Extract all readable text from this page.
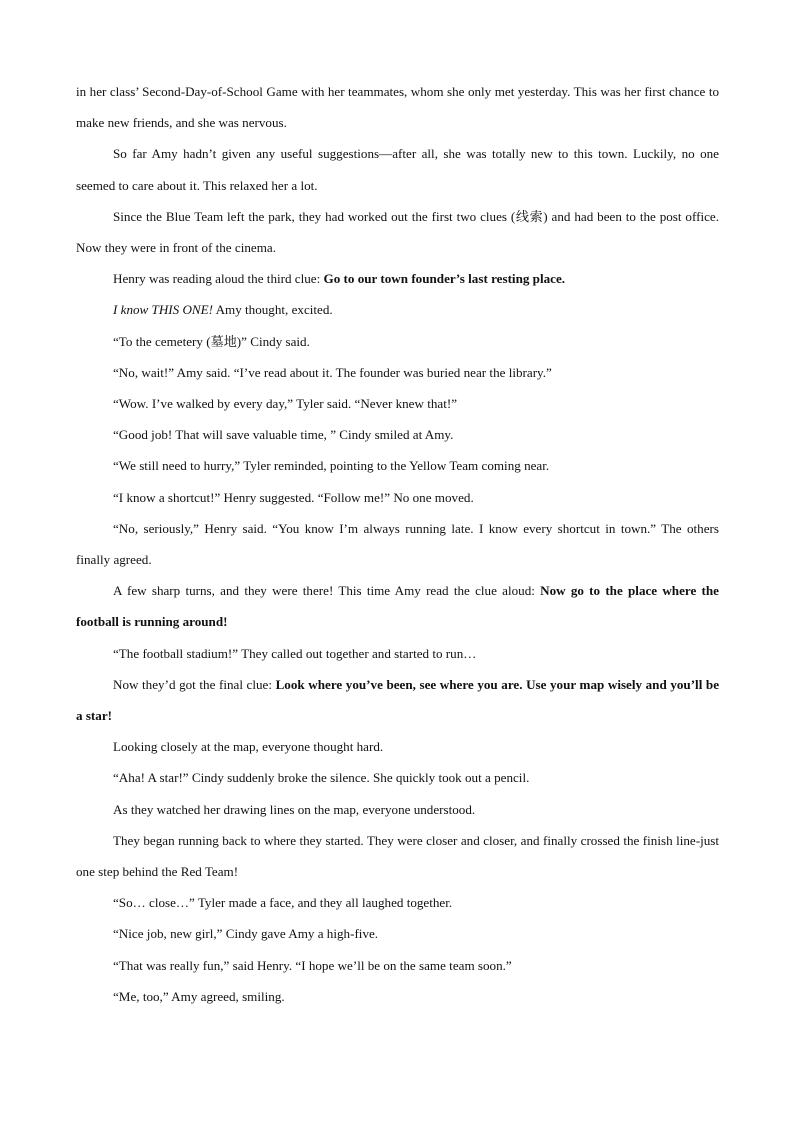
in her class’ Second-Day-of-School Game with her teammates, whom she only met yesterday. This was her first chance to make new friends, and she was nervous.

So far Amy hadn’t given any useful suggestions—after all, she was totally new to this town. Luckily, no one seemed to care about it. This relaxed her a lot.

Since the Blue Team left the park, they had worked out the first two clues (线索) and had been to the post office. Now they were in front of the cinema.

Henry was reading aloud the third clue: Go to our town founder’s last resting place.

I know THIS ONE! Amy thought, excited.

“To the cemetery (墓地)” Cindy said.

“No, wait!” Amy said. “I’ve read about it. The founder was buried near the library.”

“Wow. I’ve walked by every day,” Tyler said. “Never knew that!”

“Good job! That will save valuable time, ” Cindy smiled at Amy.

“We still need to hurry,” Tyler reminded, pointing to the Yellow Team coming near.

“I know a shortcut!” Henry suggested. “Follow me!” No one moved.

“No, seriously,” Henry said. “You know I’m always running late. I know every shortcut in town.” The others finally agreed.

A few sharp turns, and they were there! This time Amy read the clue aloud: Now go to the place where the football is running around!

“The football stadium!” They called out together and started to run…

Now they’d got the final clue: Look where you’ve been, see where you are. Use your map wisely and you’ll be a star!

Looking closely at the map, everyone thought hard.

“Aha! A star!” Cindy suddenly broke the silence. She quickly took out a pencil.

As they watched her drawing lines on the map, everyone understood.

They began running back to where they started. They were closer and closer, and finally crossed the finish line-just one step behind the Red Team!

“So… close…” Tyler made a face, and they all laughed together.

“Nice job, new girl,” Cindy gave Amy a high-five.

“That was really fun,” said Henry. “I hope we’ll be on the same team soon.”

“Me, too,” Amy agreed, smiling.
